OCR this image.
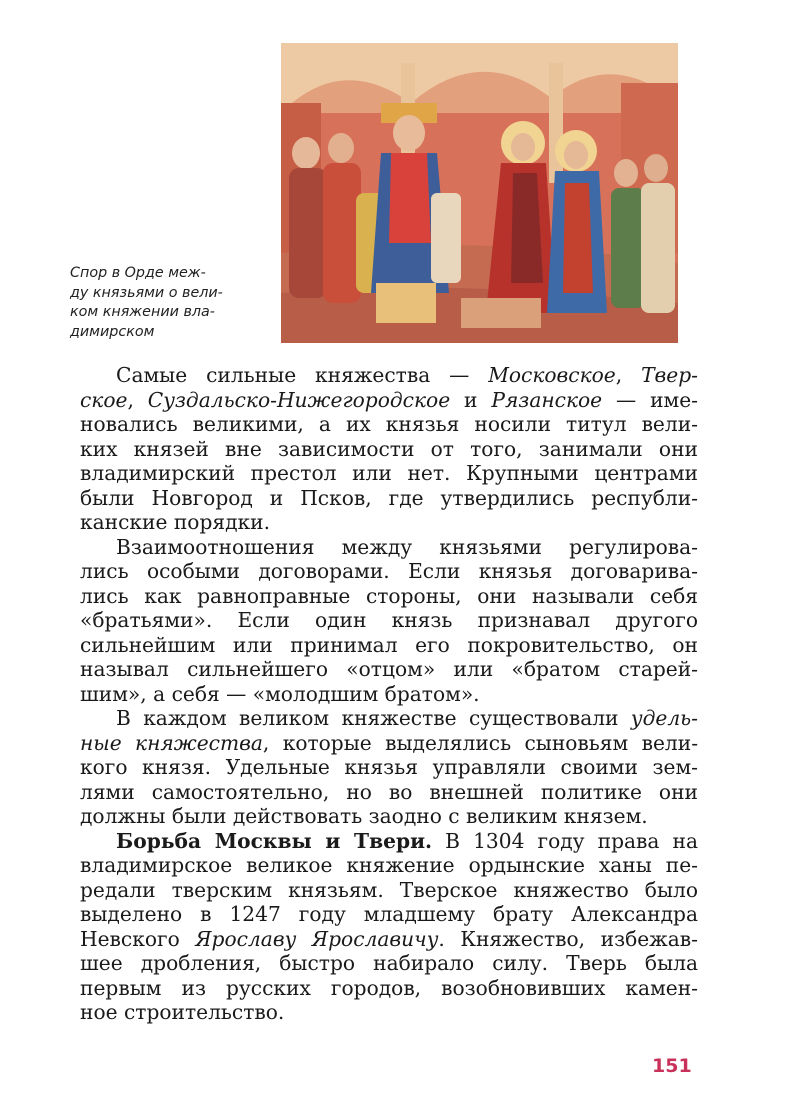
Спор в Орде меж-
ду князьями о вели-
ком княжении вла-
димирском

Самые сильные княжества — Московское, Твер-
ское, Суздальско-Нижегородское и Рязанское — име-
новались великими, а их князья носили титул вели-
ких князей вне зависимости от того, занимали они
владимирский престол или нет. Крупными центрами
были Новгород и Псков, где утвердились республи-
канские порядки.

Взаимоотношения между князьями регулирова-
лись особыми договорами. Если князья договарива-
лись как равноправные стороны, они называли себя
«братьями». Если один князь признавал другого
сильнейшим или принимал его покровительство, он
называл сильнейшего «отцом» или «братом старей-
шим», а себя — «молодшим братом».

В каждом великом княжестве существовали удель-
ные княжества, которые выделялись сыновьям вели-
кого князя. Удельные князья управляли своими зем-
лями самостоятельно, но во внешней политике они
должны были действовать заодно с великим князем.

Борьба Москвы и Твери. В 1304 году права на
владимирское великое княжение ордынские ханы пе-
редали тверским князьям. Тверское княжество было
выделено в 1247 году младшему брату Александра
Невского Ярославу Ярославичу. Княжество, избежав-
шее дробления, быстро набирало силу. Тверь была
первым из русских городов, возобновивших камен-
ное строительство.

151
